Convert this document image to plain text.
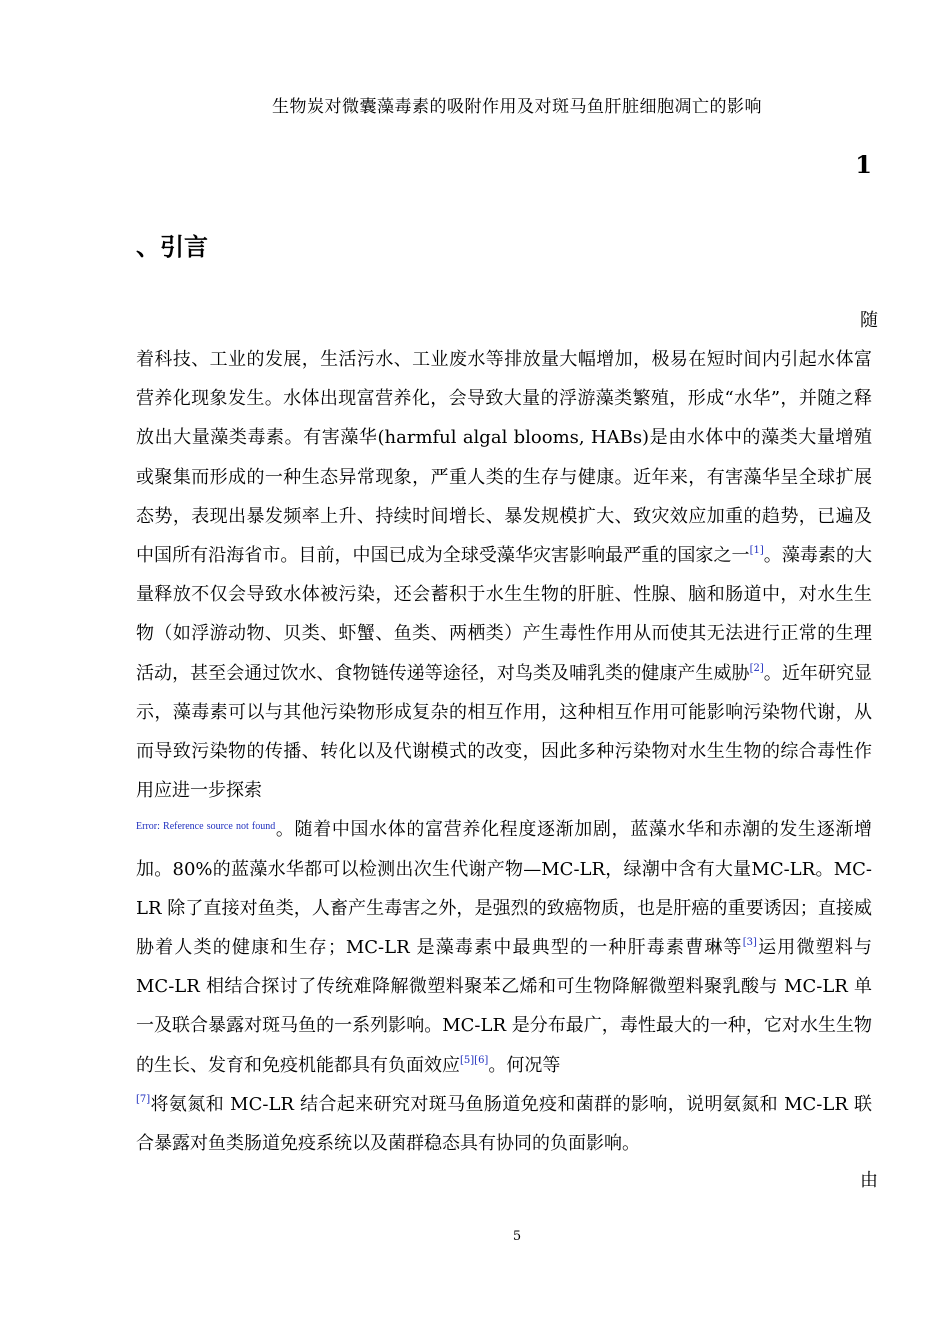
生物炭对微囊藻毒素的吸附作用及对斑马鱼肝脏细胞凋亡的影响
1
、引言
随
着科技、工业的发展，生活污水、工业废水等排放量大幅增加，极易在短时间内引起水体富营养化现象发生。水体出现富营养化，会导致大量的浮游藻类繁殖，形成“水华”，并随之释放出大量藻类毒素。有害藻华(harmful algal blooms, HABs)是由水体中的藻类大量增殖或聚集而形成的一种生态异常现象，严重人类的生存与健康。近年来，有害藻华呈全球扩展态势，表现出暴发频率上升、持续时间增长、暴发规模扩大、致灾效应加重的趋势，已遍及中国所有沿海省市。目前，中国已成为全球受藻华灾害影响最严重的国家之一[1]。藻毒素的大量释放不仅会导致水体被污染，还会蓄积于水生生物的肝脏、性腺、脑和肠道中，对水生生物（如浮游动物、贝类、虾蟹、鱼类、两栖类）产生毒性作用从而使其无法进行正常的生理活动，甚至会通过饮水、食物链传递等途径，对鸟类及哺乳类的健康产生威胁[2]。近年研究显示，藻毒素可以与其他污染物形成复杂的相互作用，这种相互作用可能影响污染物代谢，从而导致污染物的传播、转化以及代谢模式的改变，因此多种污染物对水生生物的综合毒性作用应进一步探索
$^{Error: Reference source not found}$。随着中国水体的富营养化程度逐渐加剧，蓝藻水华和赤潮的发生逐渐增加。80%的蓝藻水华都可以检测出次生代谢产物—MC-LR，绿潮中含有大量MC-LR。MC-LR 除了直接对鱼类，人畜产生毒害之外，是强烈的致癌物质，也是肝癌的重要诱因；直接威胁着人类的健康和生存；MC-LR 是藻毒素中最典型的一种肝毒素曹琳等[3]运用微塑料与 MC-LR 相结合探讨了传统难降解微塑料聚苯乙烯和可生物降解微塑料聚乳酸与 MC-LR 单一及联合暴露对斑马鱼的一系列影响。MC-LR 是分布最广，毒性最大的一种，它对水生生物的生长、发育和免疫机能都具有负面效应[5][6]。何况等
[7]将氨氮和 MC-LR 结合起来研究对斑马鱼肠道免疫和菌群的影响，说明氨氮和 MC-LR 联合暴露对鱼类肠道免疫系统以及菌群稳态具有协同的负面影响。
由
5
